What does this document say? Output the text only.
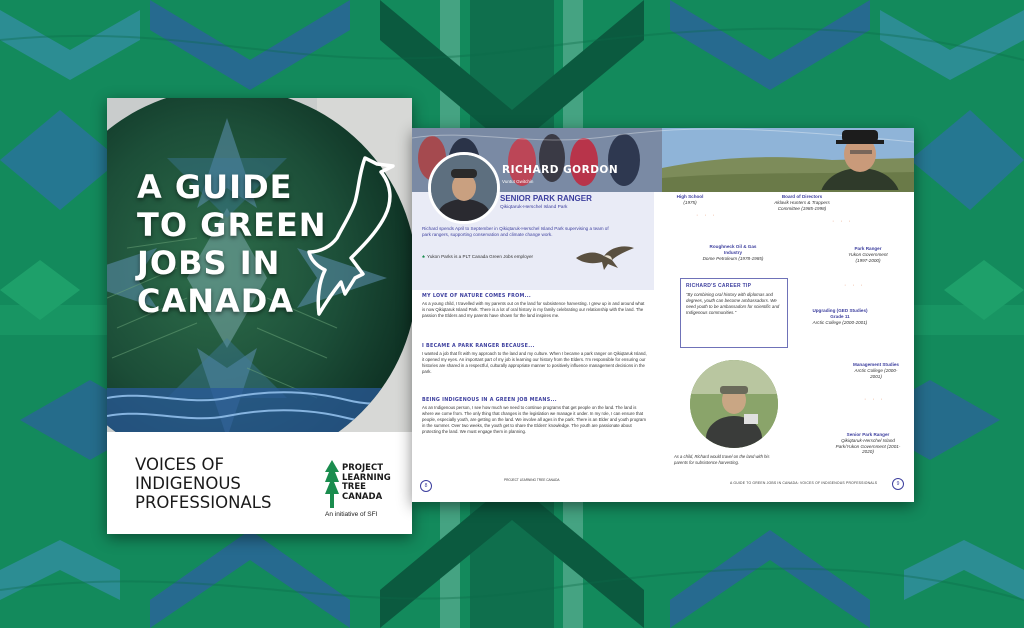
A GUIDE
TO GREEN
JOBS IN
CANADA
VOICES OF
INDIGENOUS
PROFESSIONALS
PROJECT
LEARNING
TREE
CANADA
An initiative of SFI
RICHARD GORDON
Vuntut Gwitchin
SENIOR PARK RANGER
Qikiqtaruk-Herschel Island Park
Richard spends April to September in Qikiqtaruk-Herschel Island Park supervising a team of park rangers, supporting conservation and climate change work.
♣ Yukon Parks is a PLT Canada Green Jobs employer
MY LOVE OF NATURE COMES FROM...
As a young child, I travelled with my parents out on the land for subsistence harvesting. I grew up in and around what is now Qikiqtaruk Island Park. There is a lot of oral history in my family celebrating our relationship with the land. The passion the Elders and my parents have shown for the land inspires me.
I BECAME A PARK RANGER BECAUSE...
I wanted a job that fit with my approach to the land and my culture. When I became a park ranger on Qikiqtaruk Island, it opened my eyes. An important part of my job is learning our history from the Elders. I'm responsible for ensuring our histories are shared in a respectful, culturally appropriate manner to positively influence management decisions in the park.
BEING INDIGENOUS IN A GREEN JOB MEANS...
As an Indigenous person, I see how much we need to continue programs that get people on the land. The land is where we come from. The only thing that changes is the legislation we manage it under. In my role, I can ensure that people, especially youth, are getting on the land. We involve all ages in the park. There is an Elder and youth program in the summer. Over two weeks, the youth get to share the Elders' knowledge. The youth are passionate about protecting the land. We must engage them in planning.
8
PROJECT LEARNING TREE CANADA
A GUIDE TO GREEN JOBS IN CANADA: VOICES OF INDIGENOUS PROFESSIONALS	9
High School
(1975)
· · ·
Board of Directors
Aklavik Hunters & Trappers Committee (1985-1998)
Roughneck Oil & Gas Industry
Dome Petroleum (1978-1985)
· · ·
Park Ranger
Yukon Government (1997-2000)
· · ·
Upgrading (GED Studies) Grade 11
Arctic College (2000-2001)
Management Studies
Arctic College (2000-2001)
· · ·
Senior Park Ranger
Qikiqtaruk-Herschel Island Park/Yukon Government (2001-2020)
RICHARD'S CAREER TIP
"By combining oral history with diplomas and degrees, youth can become ambassadors. We need youth to be ambassadors for scientific and Indigenous communities."
As a child, Richard would travel on the land with his parents for subsistence harvesting.
